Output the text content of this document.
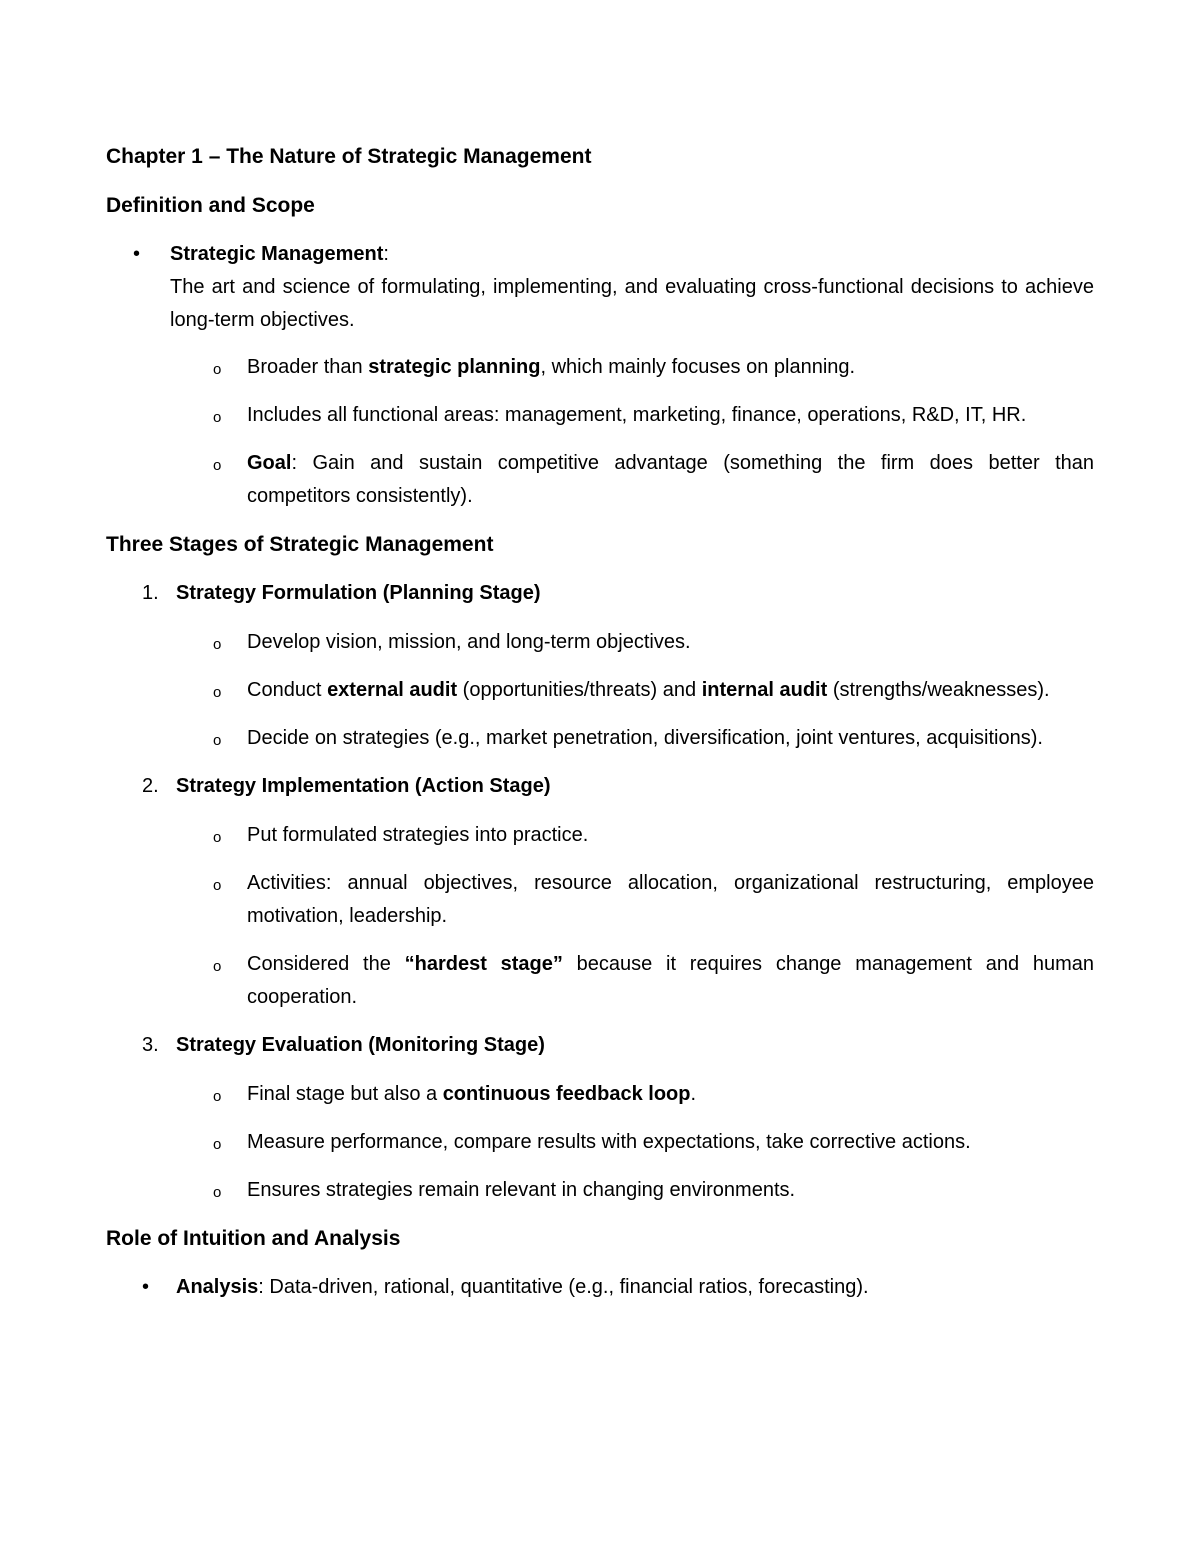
Chapter 1 – The Nature of Strategic Management
Definition and Scope
• Strategic Management:
The art and science of formulating, implementing, and evaluating cross-functional decisions to achieve long-term objectives.
o Broader than strategic planning, which mainly focuses on planning.
o Includes all functional areas: management, marketing, finance, operations, R&D, IT, HR.
o Goal: Gain and sustain competitive advantage (something the firm does better than competitors consistently).
Three Stages of Strategic Management
1. Strategy Formulation (Planning Stage)
o Develop vision, mission, and long-term objectives.
o Conduct external audit (opportunities/threats) and internal audit (strengths/weaknesses).
o Decide on strategies (e.g., market penetration, diversification, joint ventures, acquisitions).
2. Strategy Implementation (Action Stage)
o Put formulated strategies into practice.
o Activities: annual objectives, resource allocation, organizational restructuring, employee motivation, leadership.
o Considered the “hardest stage” because it requires change management and human cooperation.
3. Strategy Evaluation (Monitoring Stage)
o Final stage but also a continuous feedback loop.
o Measure performance, compare results with expectations, take corrective actions.
o Ensures strategies remain relevant in changing environments.
Role of Intuition and Analysis
• Analysis: Data-driven, rational, quantitative (e.g., financial ratios, forecasting).
